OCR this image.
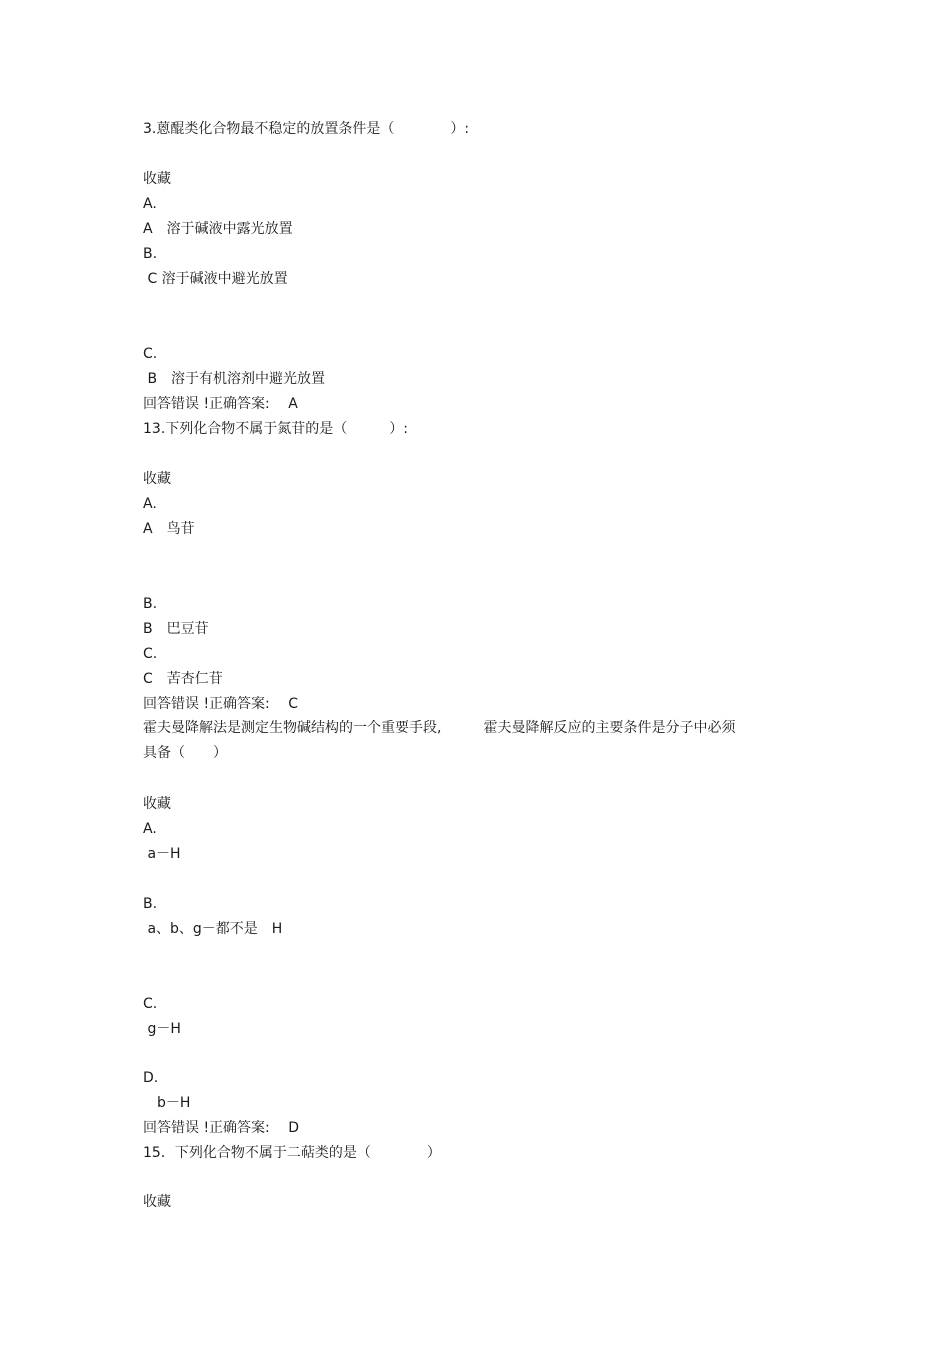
3.蒽醌类化合物最不稳定的放置条件是（　　　　）:
收藏
A.
A　溶于碱液中露光放置
B.
C 溶于碱液中避光放置
C.
B　溶于有机溶剂中避光放置
回答错误 !正确答案:　 A
13.下列化合物不属于氮苷的是（　　　）:
收藏
A.
A　鸟苷
B.
B　巴豆苷
C.
C　苦杏仁苷
回答错误 !正确答案:　 C
霍夫曼降解法是测定生物碱结构的一个重要手段,　　　霍夫曼降解反应的主要条件是分子中必须
具备（　　）
收藏
A.
a－H
B.
a、b、g－都不是　H
C.
g－H
D.
　b－H
回答错误 !正确答案:　 D
15．下列化合物不属于二萜类的是（　　　　）
收藏
